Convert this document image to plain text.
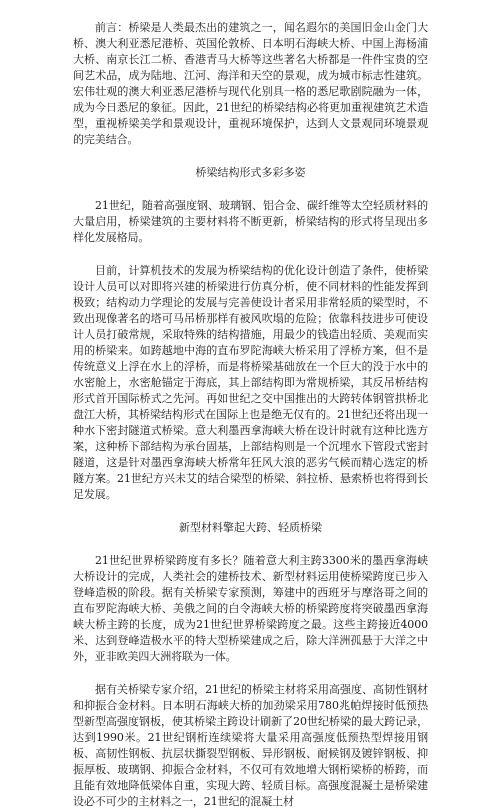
前言：桥梁是人类最杰出的建筑之一，闻名遐尔的美国旧金山金门大桥、澳大利亚悉尼港桥、英国伦敦桥、日本明石海峡大桥、中国上海杨浦大桥、南京长江二桥、香港青马大桥等这些著名大桥都是一件件宝贵的空间艺术品，成为陆地、江河、海洋和天空的景观，成为城市标志性建筑。宏伟壮观的澳大利亚悉尼港桥与现代化别具一格的悉尼歌剧院融为一体，成为今日悉尼的象征。因此，21世纪的桥梁结构必将更加重视建筑艺术造型，重视桥梁美学和景观设计，重视环境保护，达到人文景观同环境景观的完美结合。

桥梁结构形式多彩多姿

21世纪，随着高强度钢、玻璃钢、铝合金、碳纤维等太空轻质材料的大量启用，桥梁建筑的主要材料将不断更新，桥梁结构的形式将呈现出多样化发展格局。

目前，计算机技术的发展为桥梁结构的优化设计创造了条件，使桥梁设计人员可以对即将兴建的桥梁进行仿真分析，使不同材料的性能发挥到极致；结构动力学理论的发展与完善使设计者采用非常轻质的梁型时，不致出现像著名的塔可马吊桥那样有被风吹塌的危险；依靠科技进步可使设计人员打破常规，采取特殊的结构措施，用最少的钱造出轻质、美观而实用的桥梁来。如跨越地中海的直布罗陀海峡大桥采用了浮桥方案，但不是传统意义上浮在水上的浮桥，而是将桥梁基础放在一个巨大的没于水中的水密舱上，水密舱锚定于海底，其上部结构即为常规桥梁，其反吊桥结构形式首开国际桥式之先河。再如世纪之交中国推出的大跨转体钢管拱桥北盘江大桥，其桥梁结构形式在国际上也是绝无仅有的。21世纪还将出现一种水下密封隧道式桥梁。意大利墨西拿海峡大桥在设计时就有这种比选方案，这种桥下部结构为承台固基，上部结构则是一个沉埋水下管段式密封隧道，这是针对墨西拿海峡大桥常年狂风大浪的恶劣气候而精心选定的桥隧方案。21世纪方兴未艾的结合梁型的桥梁、斜拉桥、悬索桥也将得到长足发展。

新型材料擎起大跨、轻质桥梁

21世纪世界桥梁跨度有多长？随着意大利主跨3300米的墨西拿海峡大桥设计的完成，人类社会的建桥技术、新型材料运用使桥梁跨度已步入登峰造极的阶段。据有关桥梁专家预测，筹建中的西班牙与摩洛哥之间的直布罗陀海峡大桥、美俄之间的白令海峡大桥的桥梁跨度将突破墨西拿海峡大桥主跨的长度，成为21世纪世界桥梁跨度之最。这些主跨接近4000米、达到登峰造极水平的特大型桥梁建成之后，除大洋洲孤悬于大洋之中外，亚非欧美四大洲将联为一体。

据有关桥梁专家介绍，21世纪的桥梁主材将采用高强度、高韧性钢材和抑振合金材料。日本明石海峡大桥的加劲梁采用780兆帕焊接时低预热型新型高强度钢板，使其桥梁主跨设计刷新了20世纪桥梁的最大跨记录，达到1990米。21世纪钢桁连续梁将大量采用高强度低预热型焊接用钢板、高韧性钢板、抗层状撕裂型钢板、异形钢板、耐候钢及镀锌钢板、抑振厚板、玻璃钢、抑振合金材料，不仅可有效地增大钢桁梁桥的桥跨，而且能有效地降低梁体自重，实现大跨、轻质目标。高强度混凝土是桥梁建设必不可少的主材料之一，21世纪的混凝土材
